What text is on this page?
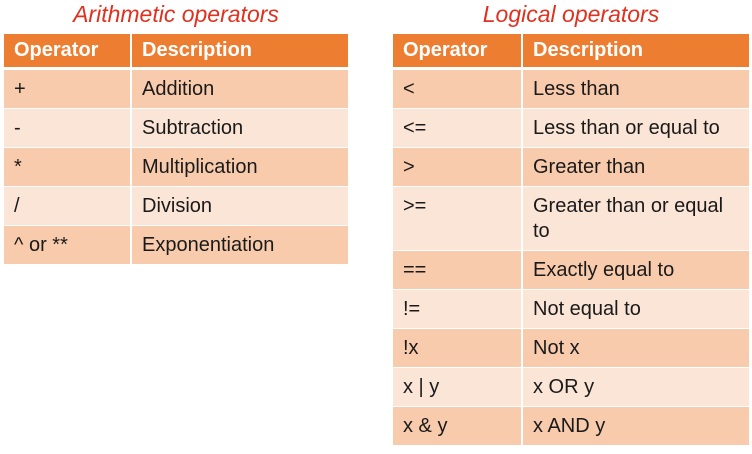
Arithmetic operators
Operator	Description
+	Addition
-	Subtraction
*	Multiplication
/	Division
^ or **	Exponentiation
Logical operators
Operator	Description
<	Less than
<=	Less than or equal to
>	Greater than
>=	Greater than or equal to
==	Exactly equal to
!=	Not equal to
!x	Not x
x | y	x OR y
x & y	x AND y
